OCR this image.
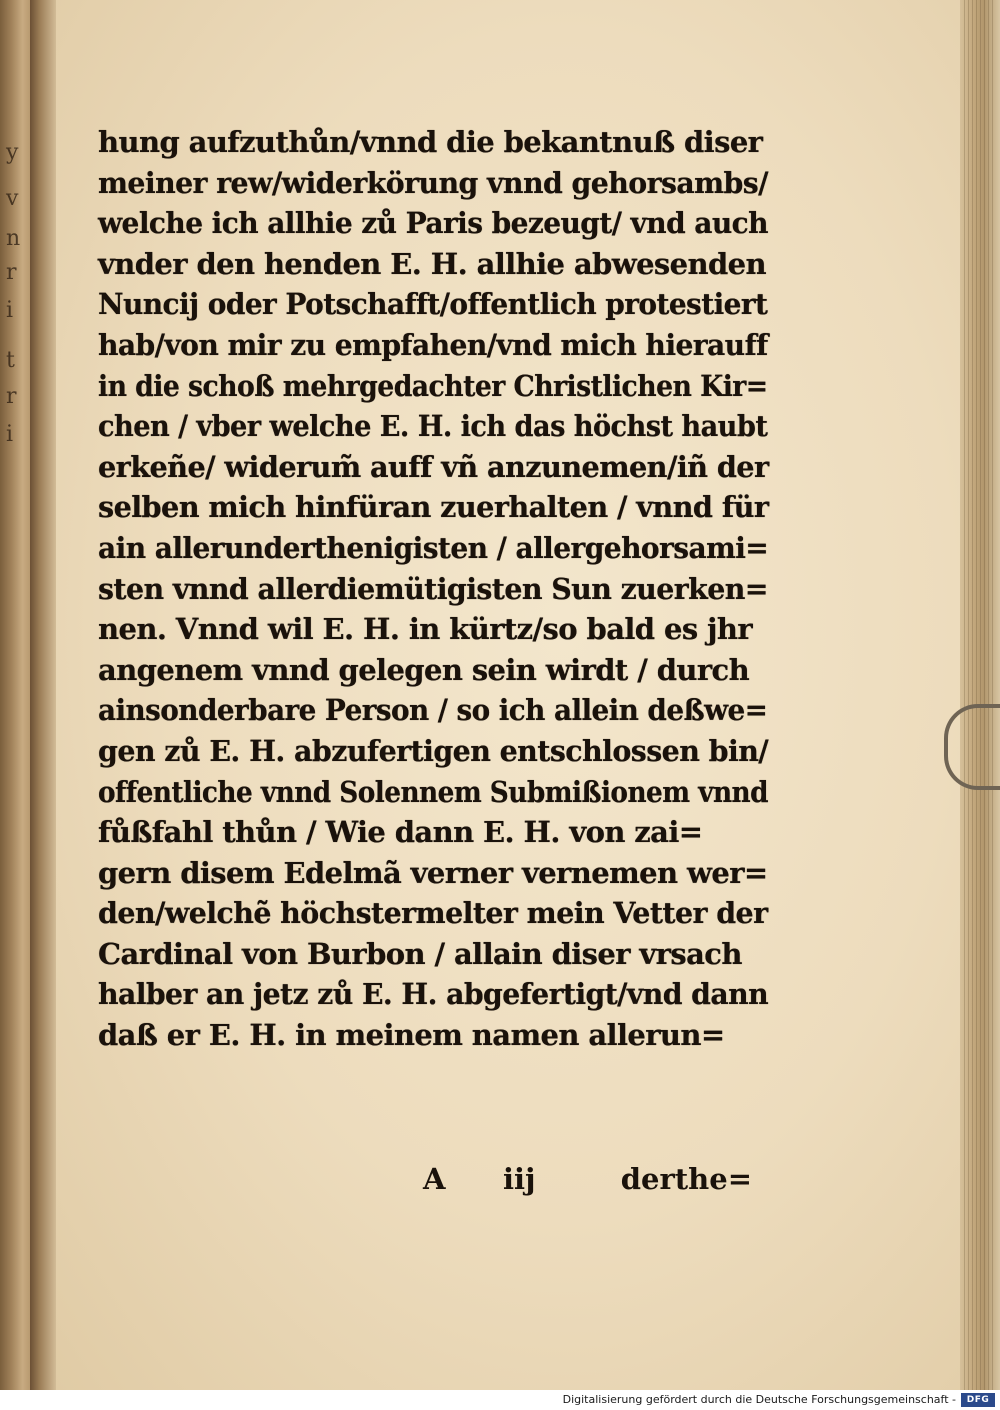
y
v
n
r
i
t
r
i
hung aufzuthůn/vnnd die bekantnuß diser
meiner rew/widerkörung vnnd gehorsambs/
welche ich allhie zů Paris bezeugt/ vnd auch
vnder den henden E. H. allhie abwesenden
Nuncij oder Potschafft/offentlich protestiert
hab/von mir zu empfahen/vnd mich hierauff
in die schoß mehrgedachter Christlichen Kir=
chen / vber welche E. H. ich das höchst haubt
erkeñe/ widerum̃ auff vñ anzunemen/iñ der
selben mich hinfüran zuerhalten / vnnd für
ain allerunderthenigisten / allergehorsami=
sten vnnd allerdiemütigisten Sun zuerken=
nen. Vnnd wil E. H. in kürtz/so bald es jhr
angenem vnnd gelegen sein wirdt / durch
ainsonderbare Person / so ich allein deßwe=
gen zů E. H. abzufertigen entschlossen bin/
offentliche vnnd Solennem Submißionem vnnd
fůßfahl thůn / Wie dann E. H. von zai=
gern disem Edelmã verner vernemen wer=
den/welchẽ höchstermelter mein Vetter der
Cardinal von Burbon / allain diser vrsach
halber an jetz zů E. H. abgefertigt/vnd dann
daß er E. H. in meinem namen allerun=
A iij	derthe=
Digitalisierung gefördert durch die Deutsche Forschungsgemeinschaft -	DFG
